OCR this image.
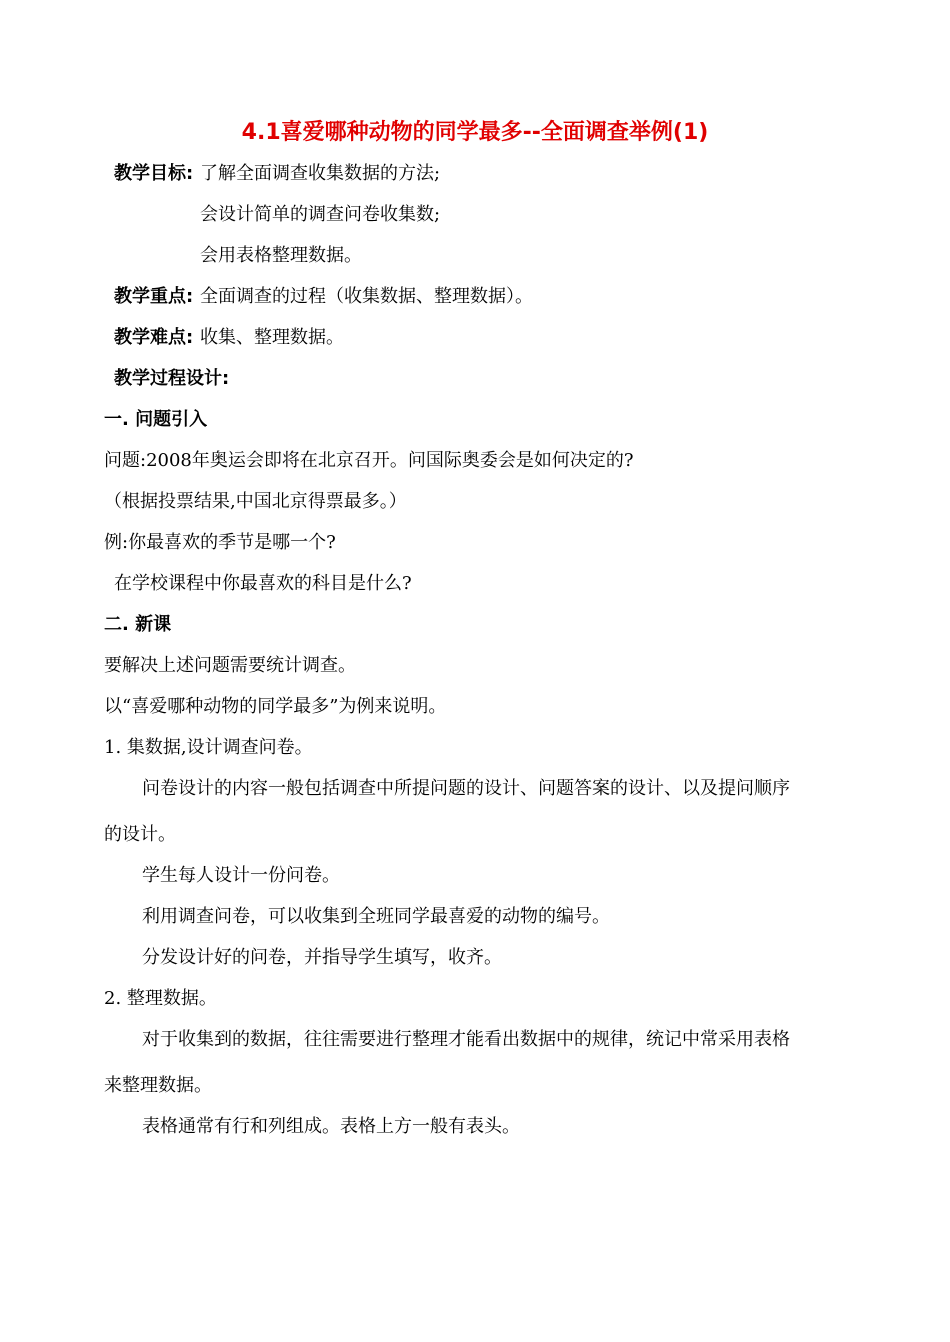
4.1喜爱哪种动物的同学最多--全面调查举例(1)
教学目标: 了解全面调查收集数据的方法;
会设计简单的调查问卷收集数;
会用表格整理数据。
教学重点: 全面调查的过程（收集数据、整理数据）。
教学难点: 收集、整理数据。
教学过程设计:
一. 问题引入
问题:2008年奥运会即将在北京召开。问国际奥委会是如何决定的?
（根据投票结果,中国北京得票最多。）
例:你最喜欢的季节是哪一个?
在学校课程中你最喜欢的科目是什么?
二. 新课
要解决上述问题需要统计调查。
以“喜爱哪种动物的同学最多”为例来说明。
1. 集数据,设计调查问卷。
问卷设计的内容一般包括调查中所提问题的设计、问题答案的设计、以及提问顺序
的设计。
学生每人设计一份问卷。
利用调查问卷，可以收集到全班同学最喜爱的动物的编号。
分发设计好的问卷，并指导学生填写，收齐。
2. 整理数据。
对于收集到的数据，往往需要进行整理才能看出数据中的规律，统记中常采用表格
来整理数据。
表格通常有行和列组成。表格上方一般有表头。
